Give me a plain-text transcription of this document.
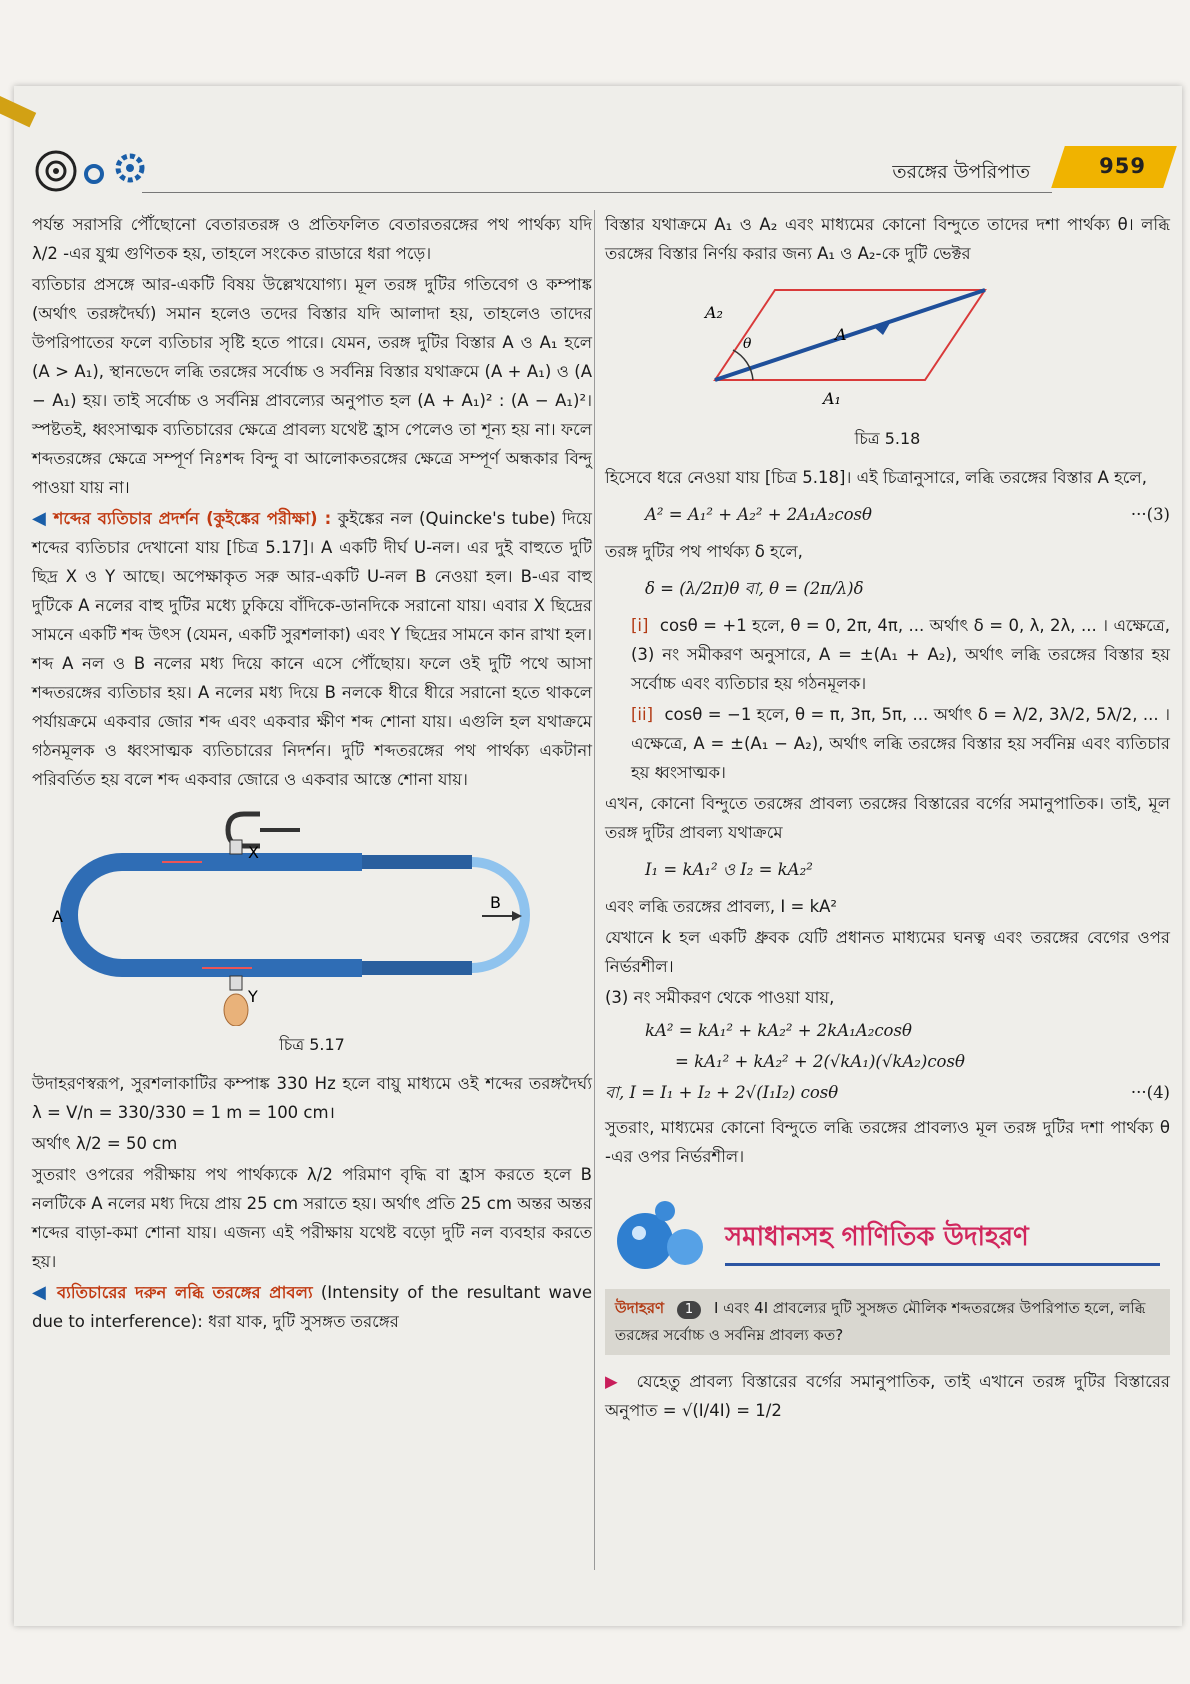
তরঙ্গের উপরিপাত	959

পর্যন্ত সরাসরি পৌঁছোনো বেতারতরঙ্গ ও প্রতিফলিত বেতারতরঙ্গের পথ পার্থক্য যদি λ/2 -এর যুগ্ম গুণিতক হয়, তাহলে সংকেত রাডারে ধরা পড়ে।

ব্যতিচার প্রসঙ্গে আর-একটি বিষয় উল্লেখযোগ্য। মূল তরঙ্গ দুটির গতিবেগ ও কম্পাঙ্ক (অর্থাৎ তরঙ্গদৈর্ঘ্য) সমান হলেও তদের বিস্তার যদি আলাদা হয়, তাহলেও তাদের উপরিপাতের ফলে ব্যতিচার সৃষ্টি হতে পারে। যেমন, তরঙ্গ দুটির বিস্তার A ও A₁ হলে (A > A₁), স্থানভেদে লব্ধি তরঙ্গের সর্বোচ্চ ও সর্বনিম্ন বিস্তার যথাক্রমে (A + A₁) ও (A − A₁) হয়। তাই সর্বোচ্চ ও সর্বনিম্ন প্রাবল্যের অনুপাত হল (A + A₁)² : (A − A₁)²। স্পষ্টতই, ধ্বংসাত্মক ব্যতিচারের ক্ষেত্রে প্রাবল্য যথেষ্ট হ্রাস পেলেও তা শূন্য হয় না। ফলে শব্দতরঙ্গের ক্ষেত্রে সম্পূর্ণ নিঃশব্দ বিন্দু বা আলোকতরঙ্গের ক্ষেত্রে সম্পূর্ণ অন্ধকার বিন্দু পাওয়া যায় না।

◀ শব্দের ব্যতিচার প্রদর্শন (কুইঙ্কের পরীক্ষা) : কুইঙ্কের নল (Quincke's tube) দিয়ে শব্দের ব্যতিচার দেখানো যায় [চিত্র 5.17]। A একটি দীর্ঘ U-নল। এর দুই বাহুতে দুটি ছিদ্র X ও Y আছে। অপেক্ষাকৃত সরু আর-একটি U-নল B নেওয়া হল। B-এর বাহু দুটিকে A নলের বাহু দুটির মধ্যে ঢুকিয়ে বাঁদিকে-ডানদিকে সরানো যায়। এবার X ছিদ্রের সামনে একটি শব্দ উৎস (যেমন, একটি সুরশলাকা) এবং Y ছিদ্রের সামনে কান রাখা হল। শব্দ A নল ও B নলের মধ্য দিয়ে কানে এসে পৌঁছোয়। ফলে ওই দুটি পথে আসা শব্দতরঙ্গের ব্যতিচার হয়। A নলের মধ্য দিয়ে B নলকে ধীরে ধীরে সরানো হতে থাকলে পর্যায়ক্রমে একবার জোর শব্দ এবং একবার ক্ষীণ শব্দ শোনা যায়। এগুলি হল যথাক্রমে গঠনমূলক ও ধ্বংসাত্মক ব্যতিচারের নিদর্শন। দুটি শব্দতরঙ্গের পথ পার্থক্য একটানা পরিবর্তিত হয় বলে শব্দ একবার জোরে ও একবার আস্তে শোনা যায়।

X
Y
A
B
চিত্র 5.17

উদাহরণস্বরূপ, সুরশলাকাটির কম্পাঙ্ক 330 Hz হলে বায়ু মাধ্যমে ওই শব্দের তরঙ্গদৈর্ঘ্য λ = V/n = 330/330 = 1 m = 100 cm।

অর্থাৎ λ/2 = 50 cm

সুতরাং ওপরের পরীক্ষায় পথ পার্থক্যকে λ/2 পরিমাণ বৃদ্ধি বা হ্রাস করতে হলে B নলটিকে A নলের মধ্য দিয়ে প্রায় 25 cm সরাতে হয়। অর্থাৎ প্রতি 25 cm অন্তর অন্তর শব্দের বাড়া-কমা শোনা যায়। এজন্য এই পরীক্ষায় যথেষ্ট বড়ো দুটি নল ব্যবহার করতে হয়।

◀ ব্যতিচারের দরুন লব্ধি তরঙ্গের প্রাবল্য (Intensity of the resultant wave due to interference): ধরা যাক, দুটি সুসঙ্গত তরঙ্গের

বিস্তার যথাক্রমে A₁ ও A₂ এবং মাধ্যমের কোনো বিন্দুতে তাদের দশা পার্থক্য θ। লব্ধি তরঙ্গের বিস্তার নির্ণয় করার জন্য A₁ ও A₂-কে দুটি ভেক্টর

A₂
θ	A
A₁
চিত্র 5.18

হিসেবে ধরে নেওয়া যায় [চিত্র 5.18]। এই চিত্রানুসারে, লব্ধি তরঙ্গের বিস্তার A হলে,

A² = A₁² + A₂² + 2A₁A₂cosθ	···(3)

তরঙ্গ দুটির পথ পার্থক্য δ হলে,

δ = (λ/2π)θ বা, θ = (2π/λ)δ

[i] cosθ = +1 হলে, θ = 0, 2π, 4π, ... অর্থাৎ δ = 0, λ, 2λ, ... । এক্ষেত্রে, (3) নং সমীকরণ অনুসারে, A = ±(A₁ + A₂), অর্থাৎ লব্ধি তরঙ্গের বিস্তার হয় সর্বোচ্চ এবং ব্যতিচার হয় গঠনমূলক।

[ii] cosθ = −1 হলে, θ = π, 3π, 5π, ... অর্থাৎ δ = λ/2, 3λ/2, 5λ/2, ... । এক্ষেত্রে, A = ±(A₁ − A₂), অর্থাৎ লব্ধি তরঙ্গের বিস্তার হয় সর্বনিম্ন এবং ব্যতিচার হয় ধ্বংসাত্মক।

এখন, কোনো বিন্দুতে তরঙ্গের প্রাবল্য তরঙ্গের বিস্তারের বর্গের সমানুপাতিক। তাই, মূল তরঙ্গ দুটির প্রাবল্য যথাক্রমে

I₁ = kA₁² ও I₂ = kA₂²

এবং লব্ধি তরঙ্গের প্রাবল্য, I = kA²

যেখানে k হল একটি ধ্রুবক যেটি প্রধানত মাধ্যমের ঘনত্ব এবং তরঙ্গের বেগের ওপর নির্ভরশীল।

(3) নং সমীকরণ থেকে পাওয়া যায়,

kA² = kA₁² + kA₂² + 2kA₁A₂cosθ
= kA₁² + kA₂² + 2(√kA₁)(√kA₂)cosθ
বা, I = I₁ + I₂ + 2√(I₁I₂) cosθ	···(4)

সুতরাং, মাধ্যমের কোনো বিন্দুতে লব্ধি তরঙ্গের প্রাবল্যও মূল তরঙ্গ দুটির দশা পার্থক্য θ -এর ওপর নির্ভরশীল।

সমাধানসহ গাণিতিক উদাহরণ
উদাহরণ 1 I এবং 4I প্রাবল্যের দুটি সুসঙ্গত মৌলিক শব্দতরঙ্গের উপরিপাত হলে, লব্ধি তরঙ্গের সর্বোচ্চ ও সর্বনিম্ন প্রাবল্য কত?

▶ যেহেতু প্রাবল্য বিস্তারের বর্গের সমানুপাতিক, তাই এখানে তরঙ্গ দুটির বিস্তারের অনুপাত = √(I/4I) = 1/2
